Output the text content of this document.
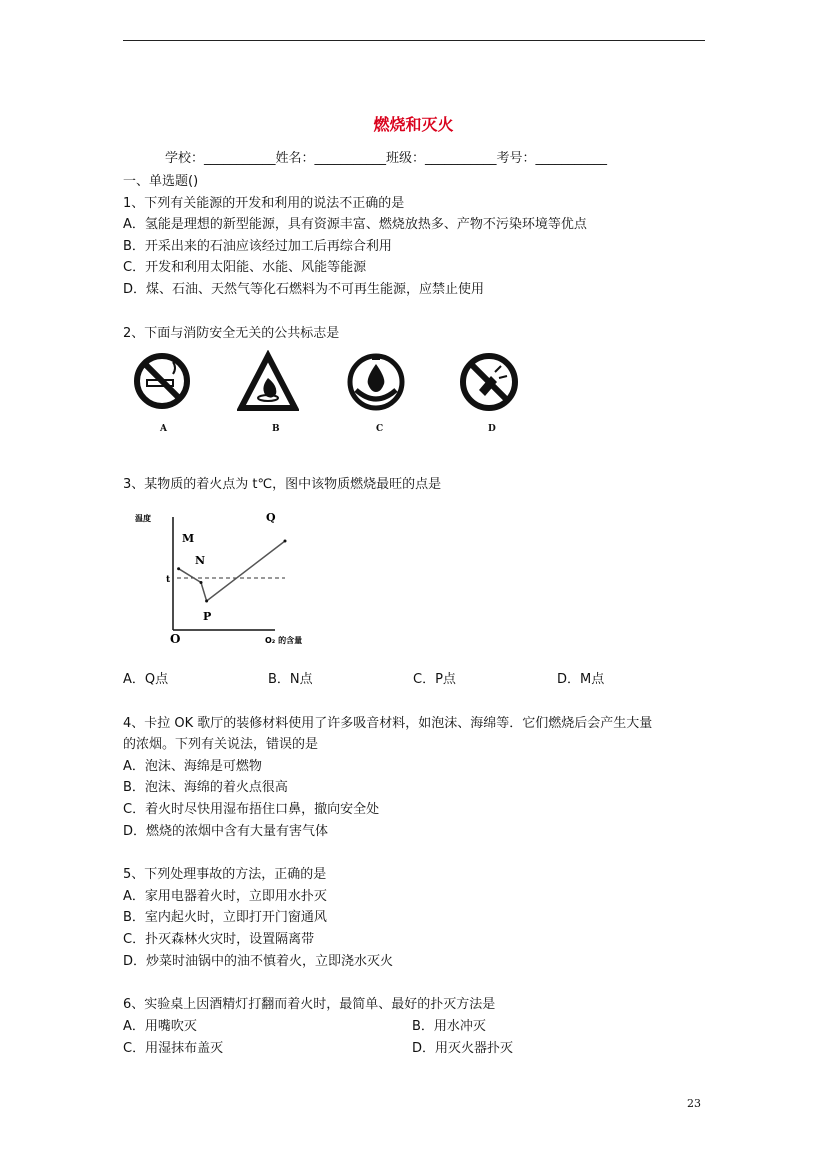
燃烧和灭火
学校：___________姓名：___________班级：___________考号：___________
一、单选题()
1、下列有关能源的开发和利用的说法不正确的是
A．氢能是理想的新型能源，具有资源丰富、燃烧放热多、产物不污染环境等优点
B．开采出来的石油应该经过加工后再综合利用
C．开发和利用太阳能、水能、风能等能源
D．煤、石油、天然气等化石燃料为不可再生能源，应禁止使用
2、下面与消防安全无关的公共标志是
A	B	C	D
3、某物质的着火点为 t℃，图中该物质燃烧最旺的点是
温度
O₂ 的含量
O
t
M
N
P
Q
A．Q点	B．N点	C．P点	D．M点
4、卡拉 OK 歌厅的装修材料使用了许多吸音材料，如泡沫、海绵等．它们燃烧后会产生大量
的浓烟。下列有关说法，错误的是
A．泡沫、海绵是可燃物
B．泡沫、海绵的着火点很高
C．着火时尽快用湿布捂住口鼻，撤向安全处
D．燃烧的浓烟中含有大量有害气体
5、下列处理事故的方法，正确的是
A．家用电器着火时，立即用水扑灭
B．室内起火时，立即打开门窗通风
C．扑灭森林火灾时，设置隔离带
D．炒菜时油锅中的油不慎着火，立即浇水灭火
6、实验桌上因酒精灯打翻而着火时，最简单、最好的扑灭方法是
A．用嘴吹灭	B．用水冲灭
C．用湿抹布盖灭	D．用灭火器扑灭
23
